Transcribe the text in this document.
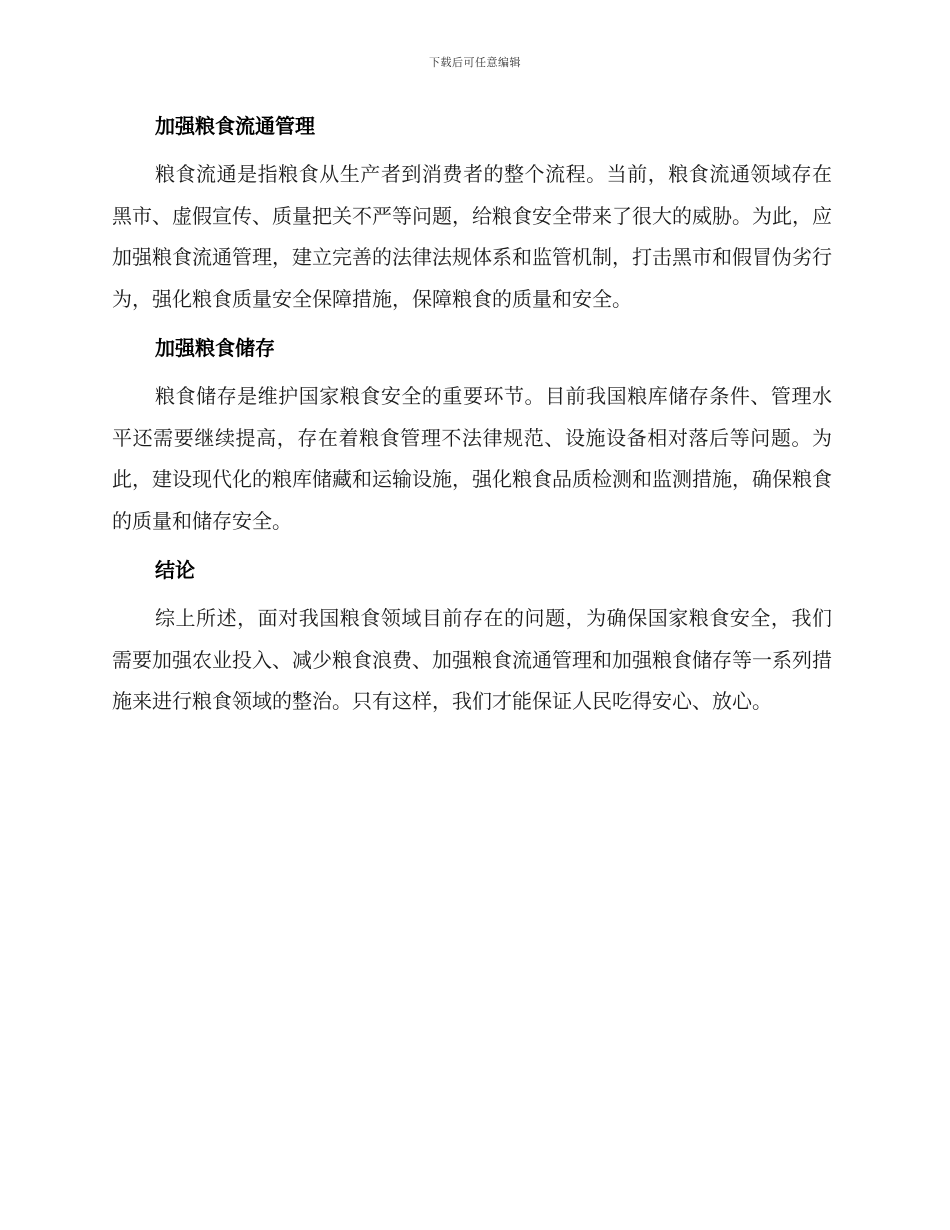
下载后可任意编辑
加强粮食流通管理

粮食流通是指粮食从生产者到消费者的整个流程。当前，粮食流通领域存在黑市、虚假宣传、质量把关不严等问题，给粮食安全带来了很大的威胁。为此，应加强粮食流通管理，建立完善的法律法规体系和监管机制，打击黑市和假冒伪劣行为，强化粮食质量安全保障措施，保障粮食的质量和安全。

加强粮食储存

粮食储存是维护国家粮食安全的重要环节。目前我国粮库储存条件、管理水平还需要继续提高，存在着粮食管理不法律规范、设施设备相对落后等问题。为此，建设现代化的粮库储藏和运输设施，强化粮食品质检测和监测措施，确保粮食的质量和储存安全。

结论

综上所述，面对我国粮食领域目前存在的问题，为确保国家粮食安全，我们需要加强农业投入、减少粮食浪费、加强粮食流通管理和加强粮食储存等一系列措施来进行粮食领域的整治。只有这样，我们才能保证人民吃得安心、放心。
